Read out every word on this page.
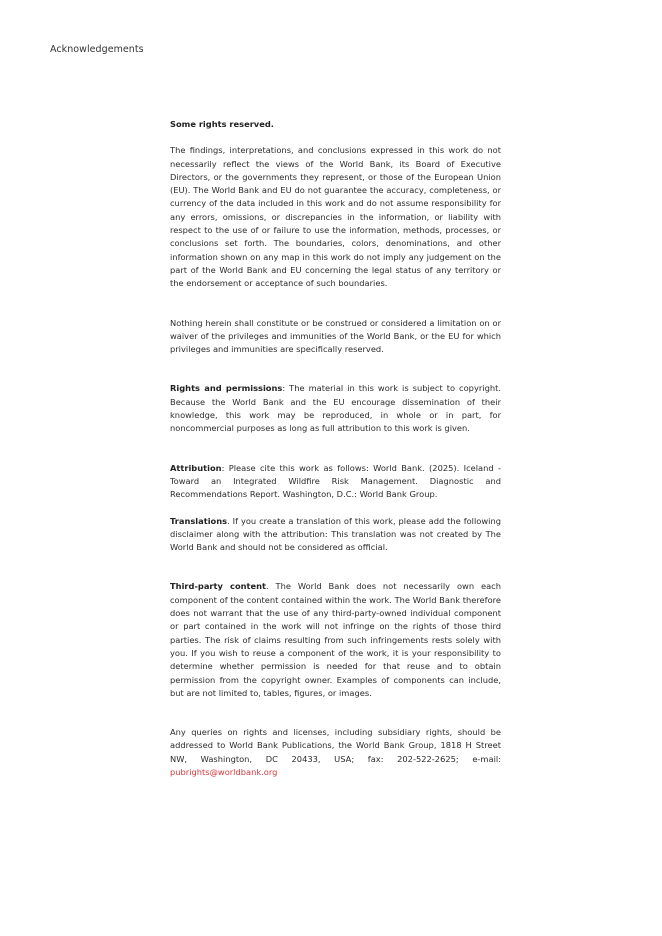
Acknowledgements

Some rights reserved.

The findings, interpretations, and conclusions expressed in this work do not necessarily reflect the views of the World Bank, its Board of Executive Directors, or the governments they represent, or those of the European Union (EU). The World Bank and EU do not guarantee the accuracy, completeness, or currency of the data included in this work and do not assume responsibility for any errors, omissions, or discrepancies in the information, or liability with respect to the use of or failure to use the information, methods, processes, or conclusions set forth. The boundaries, colors, denominations, and other information shown on any map in this work do not imply any judgement on the part of the World Bank and EU concerning the legal status of any territory or the endorsement or acceptance of such boundaries.

Nothing herein shall constitute or be construed or considered a limitation on or waiver of the privileges and immunities of the World Bank, or the EU for which privileges and immunities are specifically reserved.

Rights and permissions: The material in this work is subject to copyright. Because the World Bank and the EU encourage dissemination of their knowledge, this work may be reproduced, in whole or in part, for noncommercial purposes as long as full attribution to this work is given.

Attribution: Please cite this work as follows: World Bank. (2025). Iceland - Toward an Integrated Wildfire Risk Management. Diagnostic and Recommendations Report. Washington, D.C.: World Bank Group.

Translations. If you create a translation of this work, please add the following disclaimer along with the attribution: This translation was not created by The World Bank and should not be considered as official.

Third-party content. The World Bank does not necessarily own each component of the content contained within the work. The World Bank therefore does not warrant that the use of any third-party-owned individual component or part contained in the work will not infringe on the rights of those third parties. The risk of claims resulting from such infringements rests solely with you. If you wish to reuse a component of the work, it is your responsibility to determine whether permission is needed for that reuse and to obtain permission from the copyright owner. Examples of components can include, but are not limited to, tables, figures, or images.

Any queries on rights and licenses, including subsidiary rights, should be addressed to World Bank Publications, the World Bank Group, 1818 H Street NW, Washington, DC 20433, USA; fax: 202-522-2625; e-mail: pubrights@worldbank.org
